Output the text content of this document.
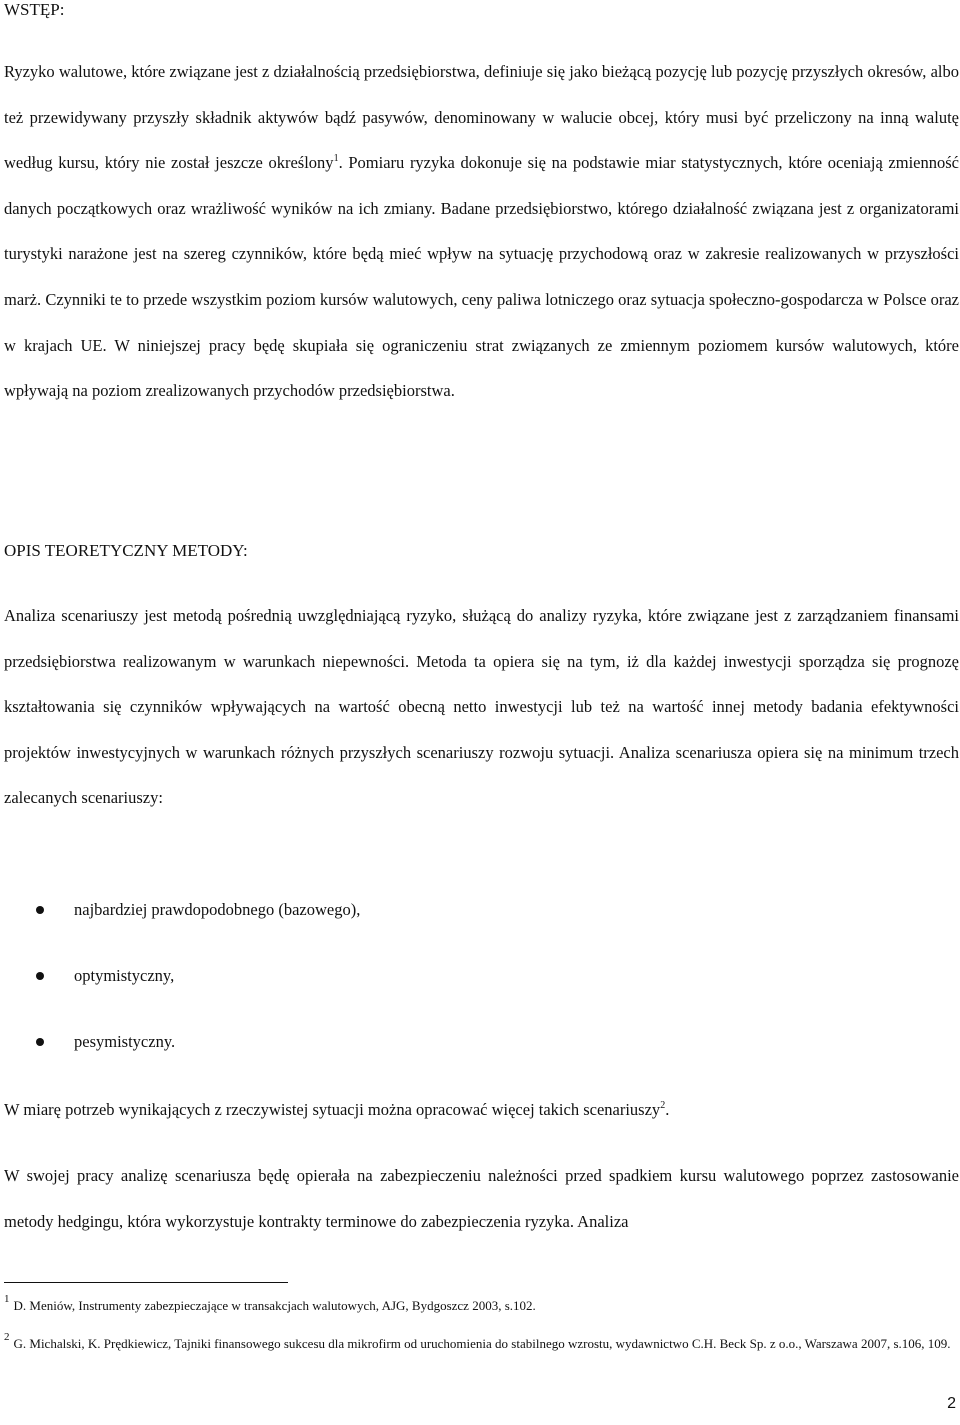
WSTĘP:

Ryzyko walutowe, które związane jest z działalnością przedsiębiorstwa, definiuje się jako bieżącą pozycję lub pozycję przyszłych okresów, albo też przewidywany przyszły składnik aktywów bądź pasywów, denominowany w walucie obcej, który musi być przeliczony na inną walutę według kursu, który nie został jeszcze określony$^1$. Pomiaru ryzyka dokonuje się na podstawie miar statystycznych, które oceniają zmienność danych początkowych oraz wrażliwość wyników na ich zmiany. Badane przedsiębiorstwo, którego działalność związana jest z organizatorami turystyki narażone jest na szereg czynników, które będą mieć wpływ na sytuację przychodową oraz w zakresie realizowanych w przyszłości marż. Czynniki te to przede wszystkim poziom kursów walutowych, ceny paliwa lotniczego oraz sytuacja społeczno-gospodarcza w Polsce oraz w krajach UE. W niniejszej pracy będę skupiała się ograniczeniu strat związanych ze zmiennym poziomem kursów walutowych, które wpływają na poziom zrealizowanych przychodów przedsiębiorstwa.

OPIS TEORETYCZNY METODY:

Analiza scenariuszy jest metodą pośrednią uwzględniającą ryzyko, służącą do analizy ryzyka, które związane jest z zarządzaniem finansami przedsiębiorstwa realizowanym w warunkach niepewności. Metoda ta opiera się na tym, iż dla każdej inwestycji sporządza się prognozę kształtowania się czynników wpływających na wartość obecną netto inwestycji lub też na wartość innej metody badania efektywności projektów inwestycyjnych w warunkach różnych przyszłych scenariuszy rozwoju sytuacji. Analiza scenariusza opiera się na minimum trzech zalecanych scenariuszy:

najbardziej prawdopodobnego (bazowego),
optymistyczny,
pesymistyczny.

W miarę potrzeb wynikających z rzeczywistej sytuacji można opracować więcej takich scenariuszy$^2$.

W swojej pracy analizę scenariusza będę opierała na zabezpieczeniu należności przed spadkiem kursu walutowego poprzez zastosowanie metody hedgingu, która wykorzystuje kontrakty terminowe do zabezpieczenia ryzyka. Analiza

$^1$ D. Meniów, Instrumenty zabezpieczające w transakcjach walutowych, AJG, Bydgoszcz 2003, s.102.

$^2$ G. Michalski, K. Prędkiewicz, Tajniki finansowego sukcesu dla mikrofirm od uruchomienia do stabilnego wzrostu, wydawnictwo C.H. Beck Sp. z o.o., Warszawa 2007, s.106, 109.

2
